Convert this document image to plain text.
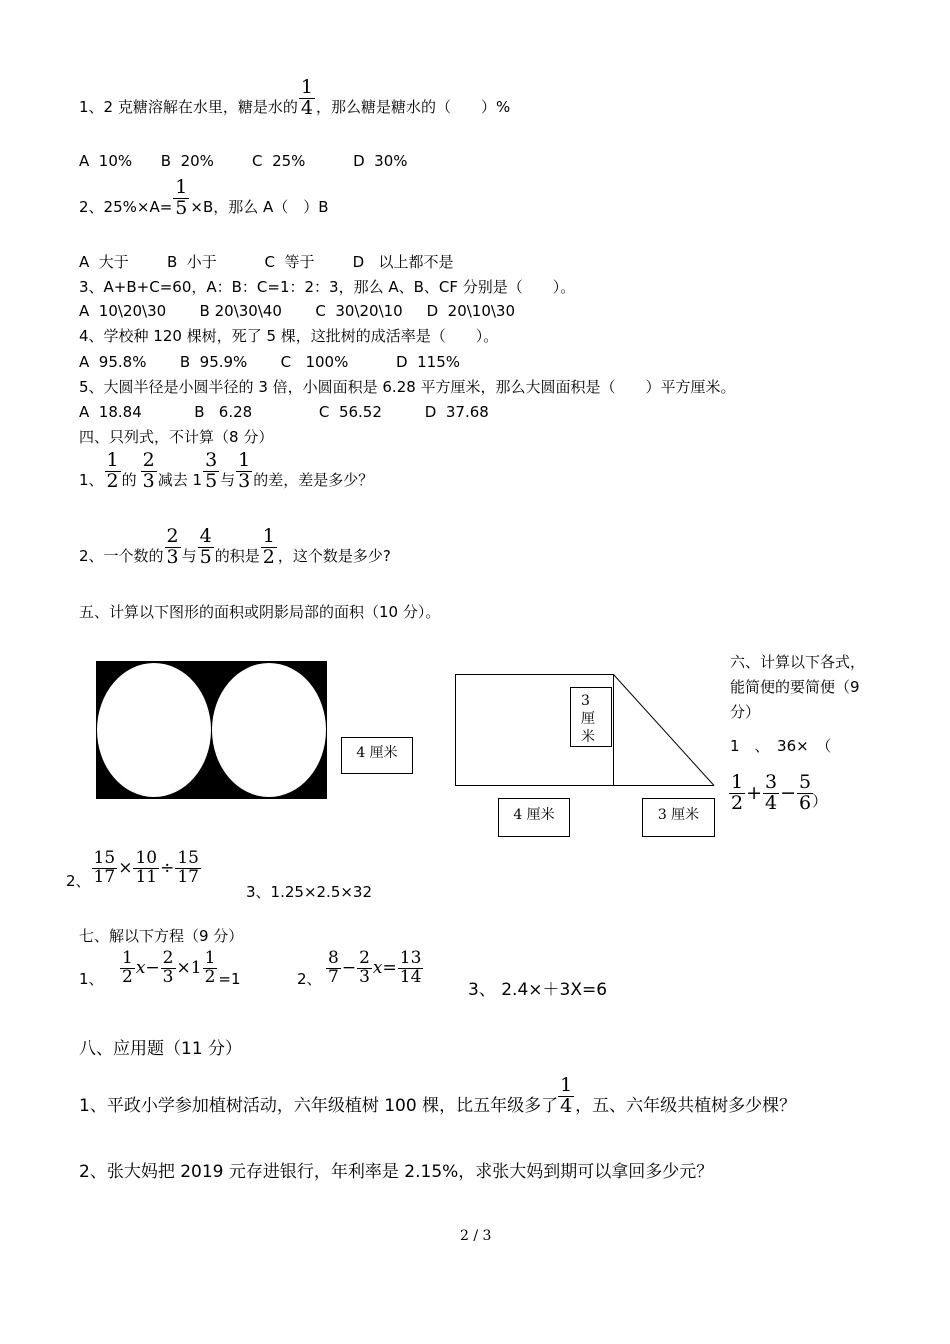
1、2 克糖溶解在水里，糖是水的 $\frac{1}{4}$ ，那么糖是糖水的（　　）%
A  10%      B  20%        C  25%          D  30%
2、$25\%\times A= \frac{1}{5} \times B$，那么 A（　）B
A  大于        B  小于          C  等于        D   以上都不是
3、A+B+C=60，A：B：C=1：2：3，那么 A、B、CF 分别是（　　）。
A  10\20\30       B 20\30\40       C  30\20\10     D  20\10\30
4、学校种 120 棵树，死了 5 棵，这批树的成活率是（　　）。
A  95.8%       B  95.9%       C   100%          D  115%
5、大圆半径是小圆半径的 3 倍，小圆面积是 6.28 平方厘米，那么大圆面积是（　　）平方厘米。
A  18.84           B   6.28              C  56.52         D  37.68
四、只列式，不计算（8 分）
1、 $\frac{1}{2}$ 的 $\frac{2}{3}$ 减去 $1 \frac{3}{5}$ 与 $\frac{1}{3}$ 的差，差是多少？
2、一个数的 $\frac{2}{3}$ 与 $\frac{4}{5}$ 的积是 $\frac{1}{2}$ ，这个数是多少?
五、计算以下图形的面积或阴影局部的面积（10 分）。
4 厘米
3
厘
米
4 厘米	3 厘米
六、计算以下各式，
能简便的要简便（9
分）
1　、　36×　（
$\frac{1}{2} + \frac{3}{4} - \frac{5}{6}$ ）
2、 $\frac{15}{17} \times \frac{10}{11} \div \frac{15}{17}$
3、1.25×2.5×32
七、解以下方程（9 分）
1、 $\frac{1}{2} x- \frac{2}{3} \times 1 \frac{1}{2} =1$	2、 $\frac{8}{7} - \frac{2}{3} x= \frac{13}{14}$
3、 2.4×＋3X=6
八、应用题（11 分）
1、平政小学参加植树活动，六年级植树 100 棵，比五年级多了 $\frac{1}{4}$ ，五、六年级共植树多少棵？
2、张大妈把 2019 元存进银行，年利率是 2.15%，求张大妈到期可以拿回多少元？
2 / 3
